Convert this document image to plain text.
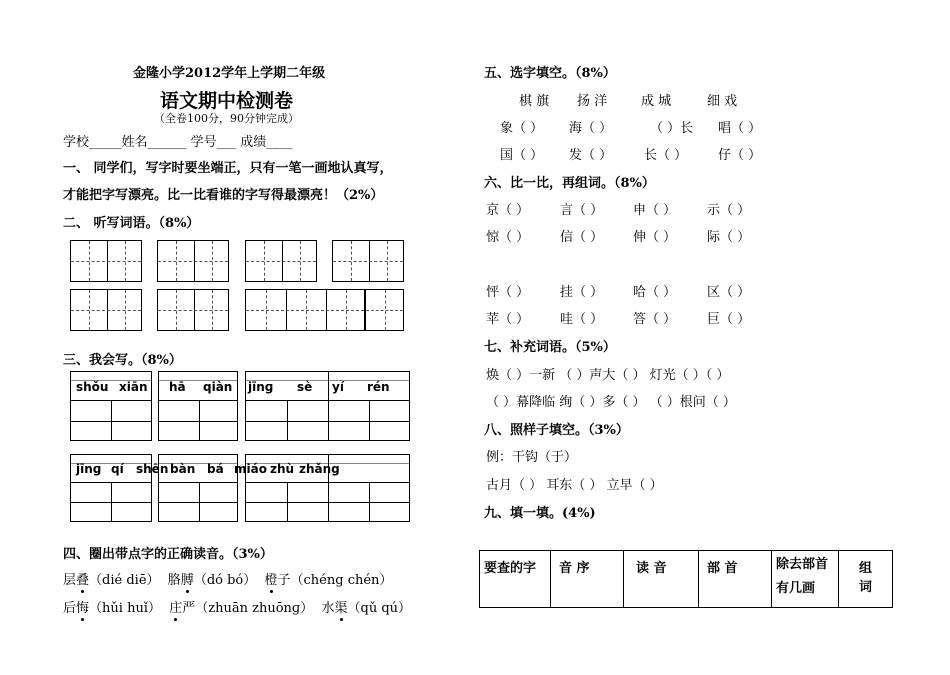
金隆小学2012学年上学期二年级
语文期中检测卷
（全卷100分，90分钟完成）
学校_____姓名______ 学号___ 成绩____
一、 同学们，写字时要坐端正，只有一笔一画地认真写，
才能把字写漂亮。比一比看谁的字写得最漂亮！（2%）
二、 听写词语。（8%）
三、我会写。（8%）
shǒu xiān hā qiàn jīnɡ sè yí rén
jīnɡ qí shēn bàn bá miáo zhù zhǎng
四、圈出带点字的正确读音。（3%）
层叠（dié diē） 胳膊（dó bó） 橙子（chéng chén）
后悔（hǔi huǐ） 庄严（zhuān zhuōnɡ） 水渠（qǔ qú）
五、选字填空。（8%）
棋 旗 扬 洋	成 城	细 戏
象（ ） 海（ ）	（ ）长 唱（ ）
国（ ） 发（ ） 长（ ） 仔（ ）
六、比一比，再组词。（8%）
京（ ） 言（ ） 申（ ） 示（ ）
惊（ ） 信（ ） 伸（ ） 际（ ）
怦（ ） 挂（ ） 哈（ ） 区（ ）
苹（ ） 哇（ ） 答（ ） 巨（ ）
七、补充词语。（5%）
焕（ ）一新 （ ）声大（ ） 灯光（ ）（ ）
（ ）幕降临 绚（ ）多（ ） （ ）根问（ ）
八、照样子填空。（3%）
例：干钩（于）
古月（ ） 耳东（ ） 立早（ ）
九、填一填。(4%)
要查的字	音 序	读 音	部 首	除去部首有几画	组 词
